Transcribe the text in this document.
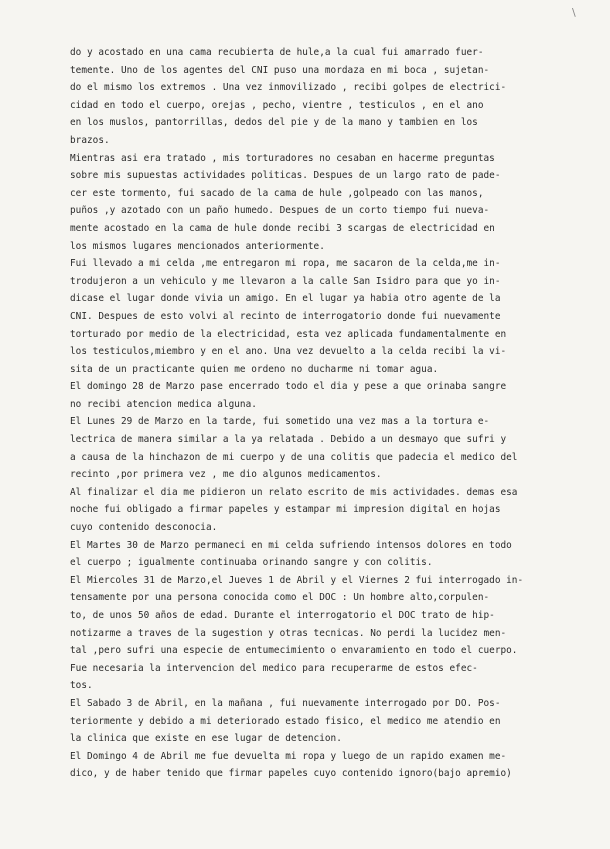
\
do y acostado en una cama recubierta de hule,a la cual fui amarrado fuer-
temente. Uno de los agentes del CNI puso una mordaza en mi boca , sujetan-
do el mismo los extremos . Una vez inmovilizado , recibi golpes de electrici-
cidad en todo el cuerpo, orejas , pecho, vientre , testiculos , en el ano
en los muslos, pantorrillas, dedos del pie y de la mano y tambien en los
brazos.
Mientras asi era tratado , mis torturadores no cesaban en hacerme preguntas
sobre mis supuestas actividades politicas. Despues de un largo rato de pade-
cer este tormento, fui sacado de la cama de hule ,golpeado con las manos,
puños ,y azotado con un paño humedo. Despues de un corto tiempo fui nueva-
mente acostado en la cama de hule donde recibi 3 scargas de electricidad en
los mismos lugares mencionados anteriormente.
Fui llevado a mi celda ,me entregaron mi ropa, me sacaron de la celda,me in-
trodujeron a un vehiculo y me llevaron a la calle San Isidro para que yo in-
dicase el lugar donde vivia un amigo. En el lugar ya habia otro agente de la
CNI. Despues de esto volvi al recinto de interrogatorio donde fui nuevamente
torturado por medio de la electricidad, esta vez aplicada fundamentalmente en
los testiculos,miembro y en el ano. Una vez devuelto a la celda recibi la vi-
sita de un practicante quien me ordeno no ducharme ni tomar agua.
El domingo 28 de Marzo pase encerrado todo el dia y pese a que orinaba sangre
no recibi atencion medica alguna.
El Lunes 29 de Marzo en la tarde, fui sometido una vez mas a la tortura e-
lectrica de manera similar a la ya relatada . Debido a un desmayo que sufri y
a causa de la hinchazon de mi cuerpo y de una colitis que padecia el medico del
recinto ,por primera vez , me dio algunos medicamentos.
Al finalizar el dia me pidieron un relato escrito de mis actividades. demas esa
noche fui obligado a firmar papeles y estampar mi impresion digital en hojas
cuyo contenido desconocia.
El Martes 30 de Marzo permaneci en mi celda sufriendo intensos dolores en todo
el cuerpo ; igualmente continuaba orinando sangre y con colitis.
El Miercoles 31 de Marzo,el Jueves 1 de Abril y el Viernes 2 fui interrogado in-
tensamente por una persona conocida como el DOC : Un hombre alto,corpulen-
to, de unos 50 años de edad. Durante el interrogatorio el DOC trato de hip-
notizarme a traves de la sugestion y otras tecnicas. No perdi la lucidez men-
tal ,pero sufri una especie de entumecimiento o envaramiento en todo el cuerpo.
Fue necesaria la intervencion del medico para recuperarme de estos efec-
tos.
El Sabado 3 de Abril, en la mañana , fui nuevamente interrogado por DO. Pos-
teriormente y debido a mi deteriorado estado fisico, el medico me atendio en
la clinica que existe en ese lugar de detencion.
El Domingo 4 de Abril me fue devuelta mi ropa y luego de un rapido examen me-
dico, y de haber tenido que firmar papeles cuyo contenido ignoro(bajo apremio)
